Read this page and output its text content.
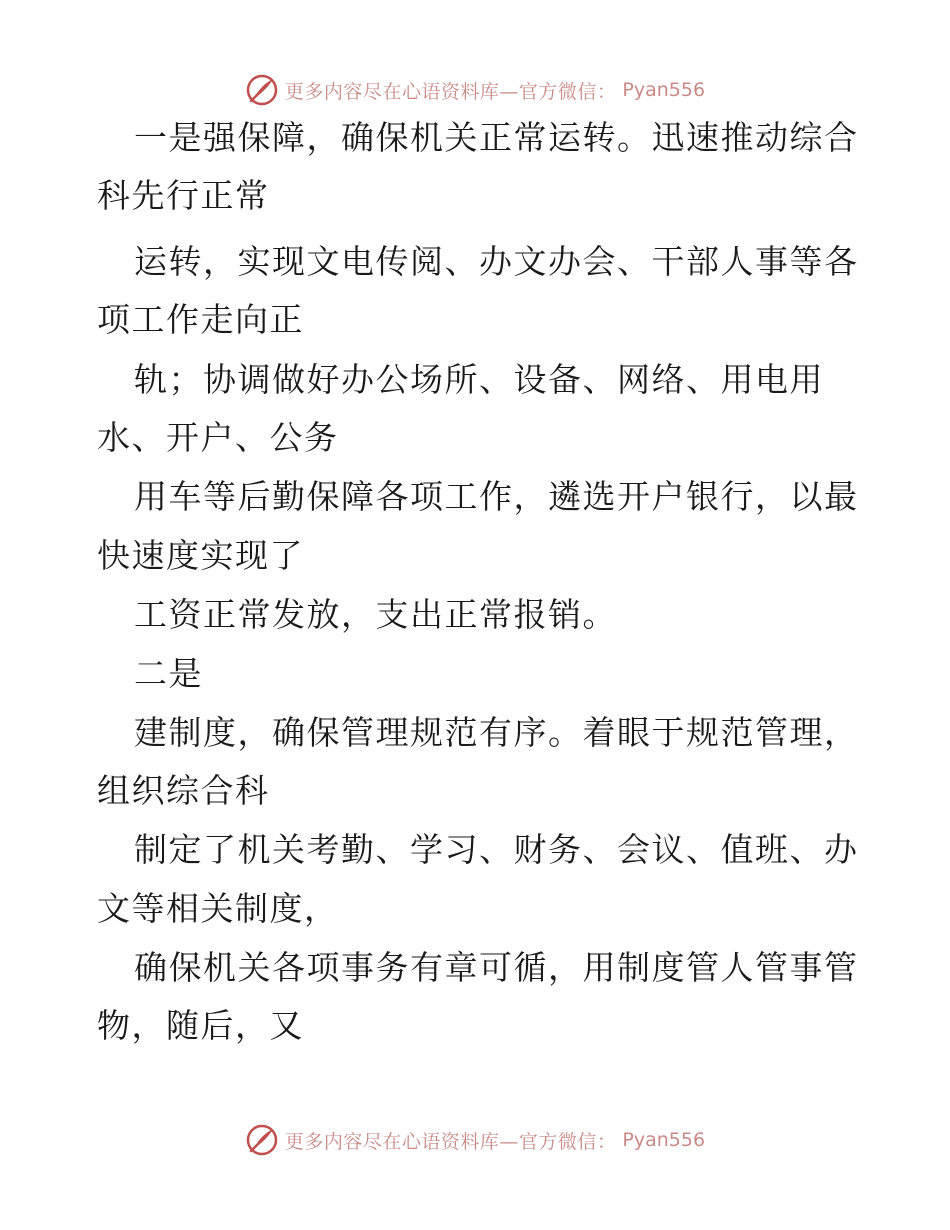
更多内容尽在心语资料库—官方微信： Pyan556
一是强保障，确保机关正常运转。迅速推动综合
科先行正常
运转，实现文电传阅、办文办会、干部人事等各
项工作走向正
轨；协调做好办公场所、设备、网络、用电用
水、开户、公务
用车等后勤保障各项工作，遴选开户银行，以最
快速度实现了
工资正常发放，支出正常报销。
二是
建制度，确保管理规范有序。着眼于规范管理，
组织综合科
制定了机关考勤、学习、财务、会议、值班、办
文等相关制度，
确保机关各项事务有章可循，用制度管人管事管
物，随后，又
更多内容尽在心语资料库—官方微信： Pyan556
